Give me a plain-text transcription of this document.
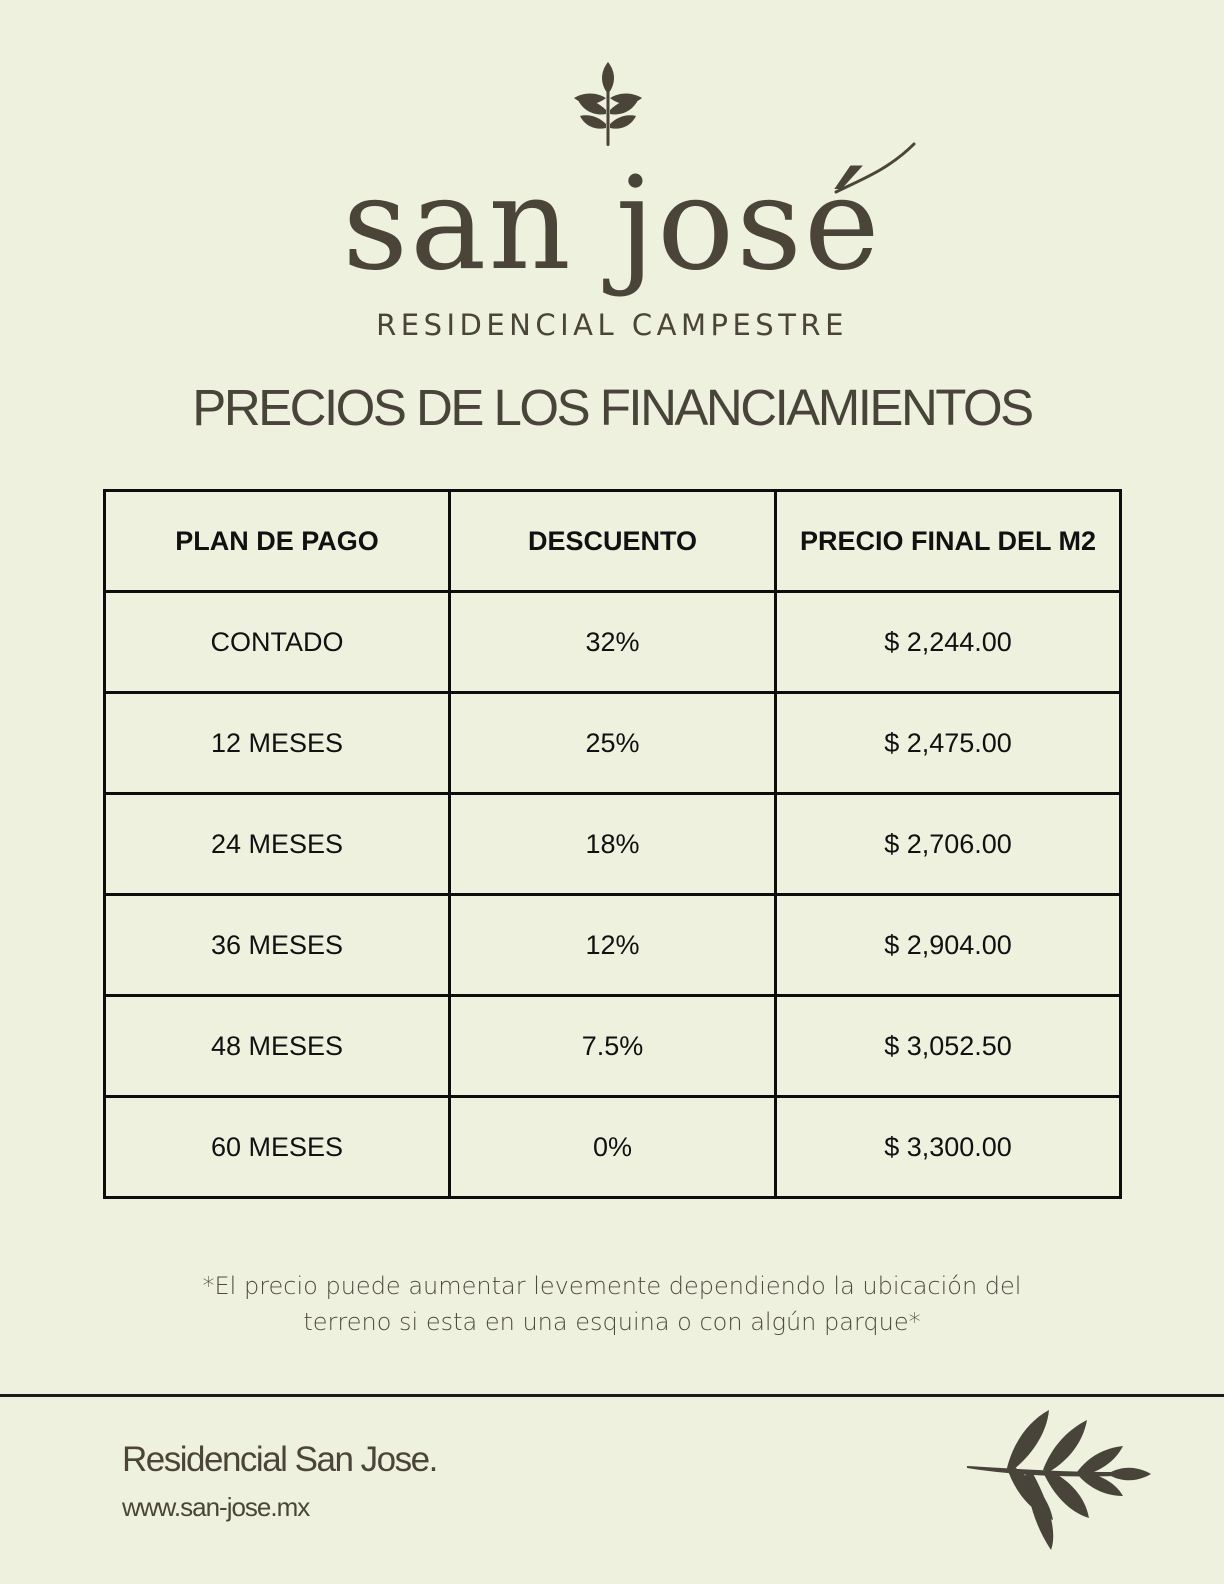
san josé
RESIDENCIAL CAMPESTRE
PRECIOS DE LOS FINANCIAMIENTOS
PLAN DE PAGO	DESCUENTO	PRECIO FINAL DEL M2
CONTADO	32%	$ 2,244.00
12 MESES	25%	$ 2,475.00
24 MESES	18%	$ 2,706.00
36 MESES	12%	$ 2,904.00
48 MESES	7.5%	$ 3,052.50
60 MESES	0%	$ 3,300.00
*El precio puede aumentar levemente dependiendo la ubicación del
terreno si esta en una esquina o con algún parque*
Residencial San Jose.
www.san-jose.mx
